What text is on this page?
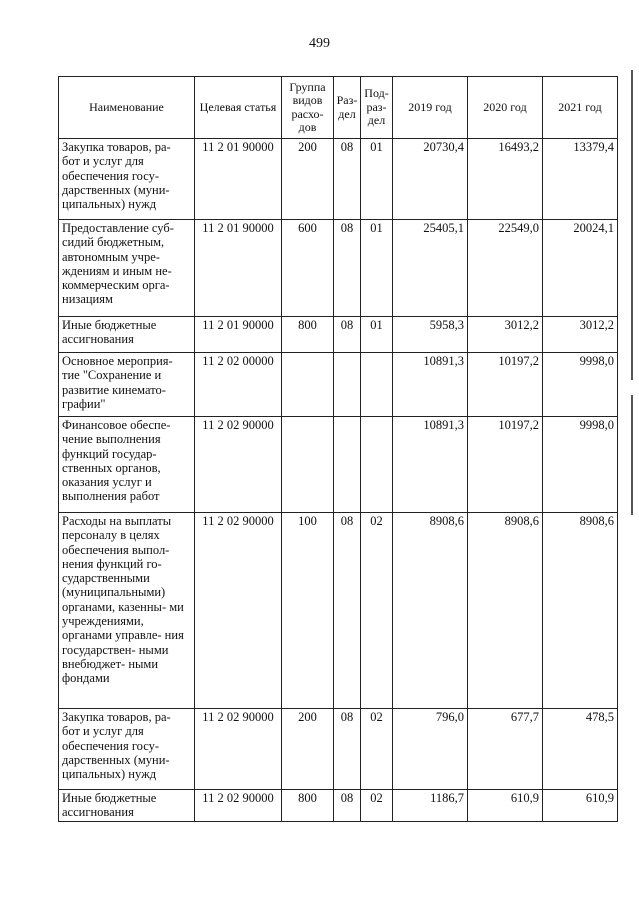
499
Наименование	Целевая статья	Группа видов расхо- дов	Раз- дел	Под- раз- дел	2019 год	2020 год	2021 год
Закупка товаров, ра- бот и услуг для обеспечения госу- дарственных (муни- ципальных) нужд	11 2 01 90000	200	08	01	20730,4	16493,2	13379,4
Предоставление суб- сидий бюджетным, автономным учре- ждениям и иным не- коммерческим орга- низациям	11 2 01 90000	600	08	01	25405,1	22549,0	20024,1
Иные бюджетные ассигнования	11 2 01 90000	800	08	01	5958,3	3012,2	3012,2
Основное мероприя- тие "Сохранение и развитие кинемато- графии"	11 2 02 00000				10891,3	10197,2	9998,0
Финансовое обеспе- чение выполнения функций государ- ственных органов, оказания услуг и выполнения работ	11 2 02 90000				10891,3	10197,2	9998,0
Расходы на выплаты персоналу в целях обеспечения выпол- нения функций го- сударственными (муниципальными) органами, казенны- ми учреждениями, органами управле- ния государствен- ными внебюджет- ными фондами	11 2 02 90000	100	08	02	8908,6	8908,6	8908,6
Закупка товаров, ра- бот и услуг для обеспечения госу- дарственных (муни- ципальных) нужд	11 2 02 90000	200	08	02	796,0	677,7	478,5
Иные бюджетные ассигнования	11 2 02 90000	800	08	02	1186,7	610,9	610,9
